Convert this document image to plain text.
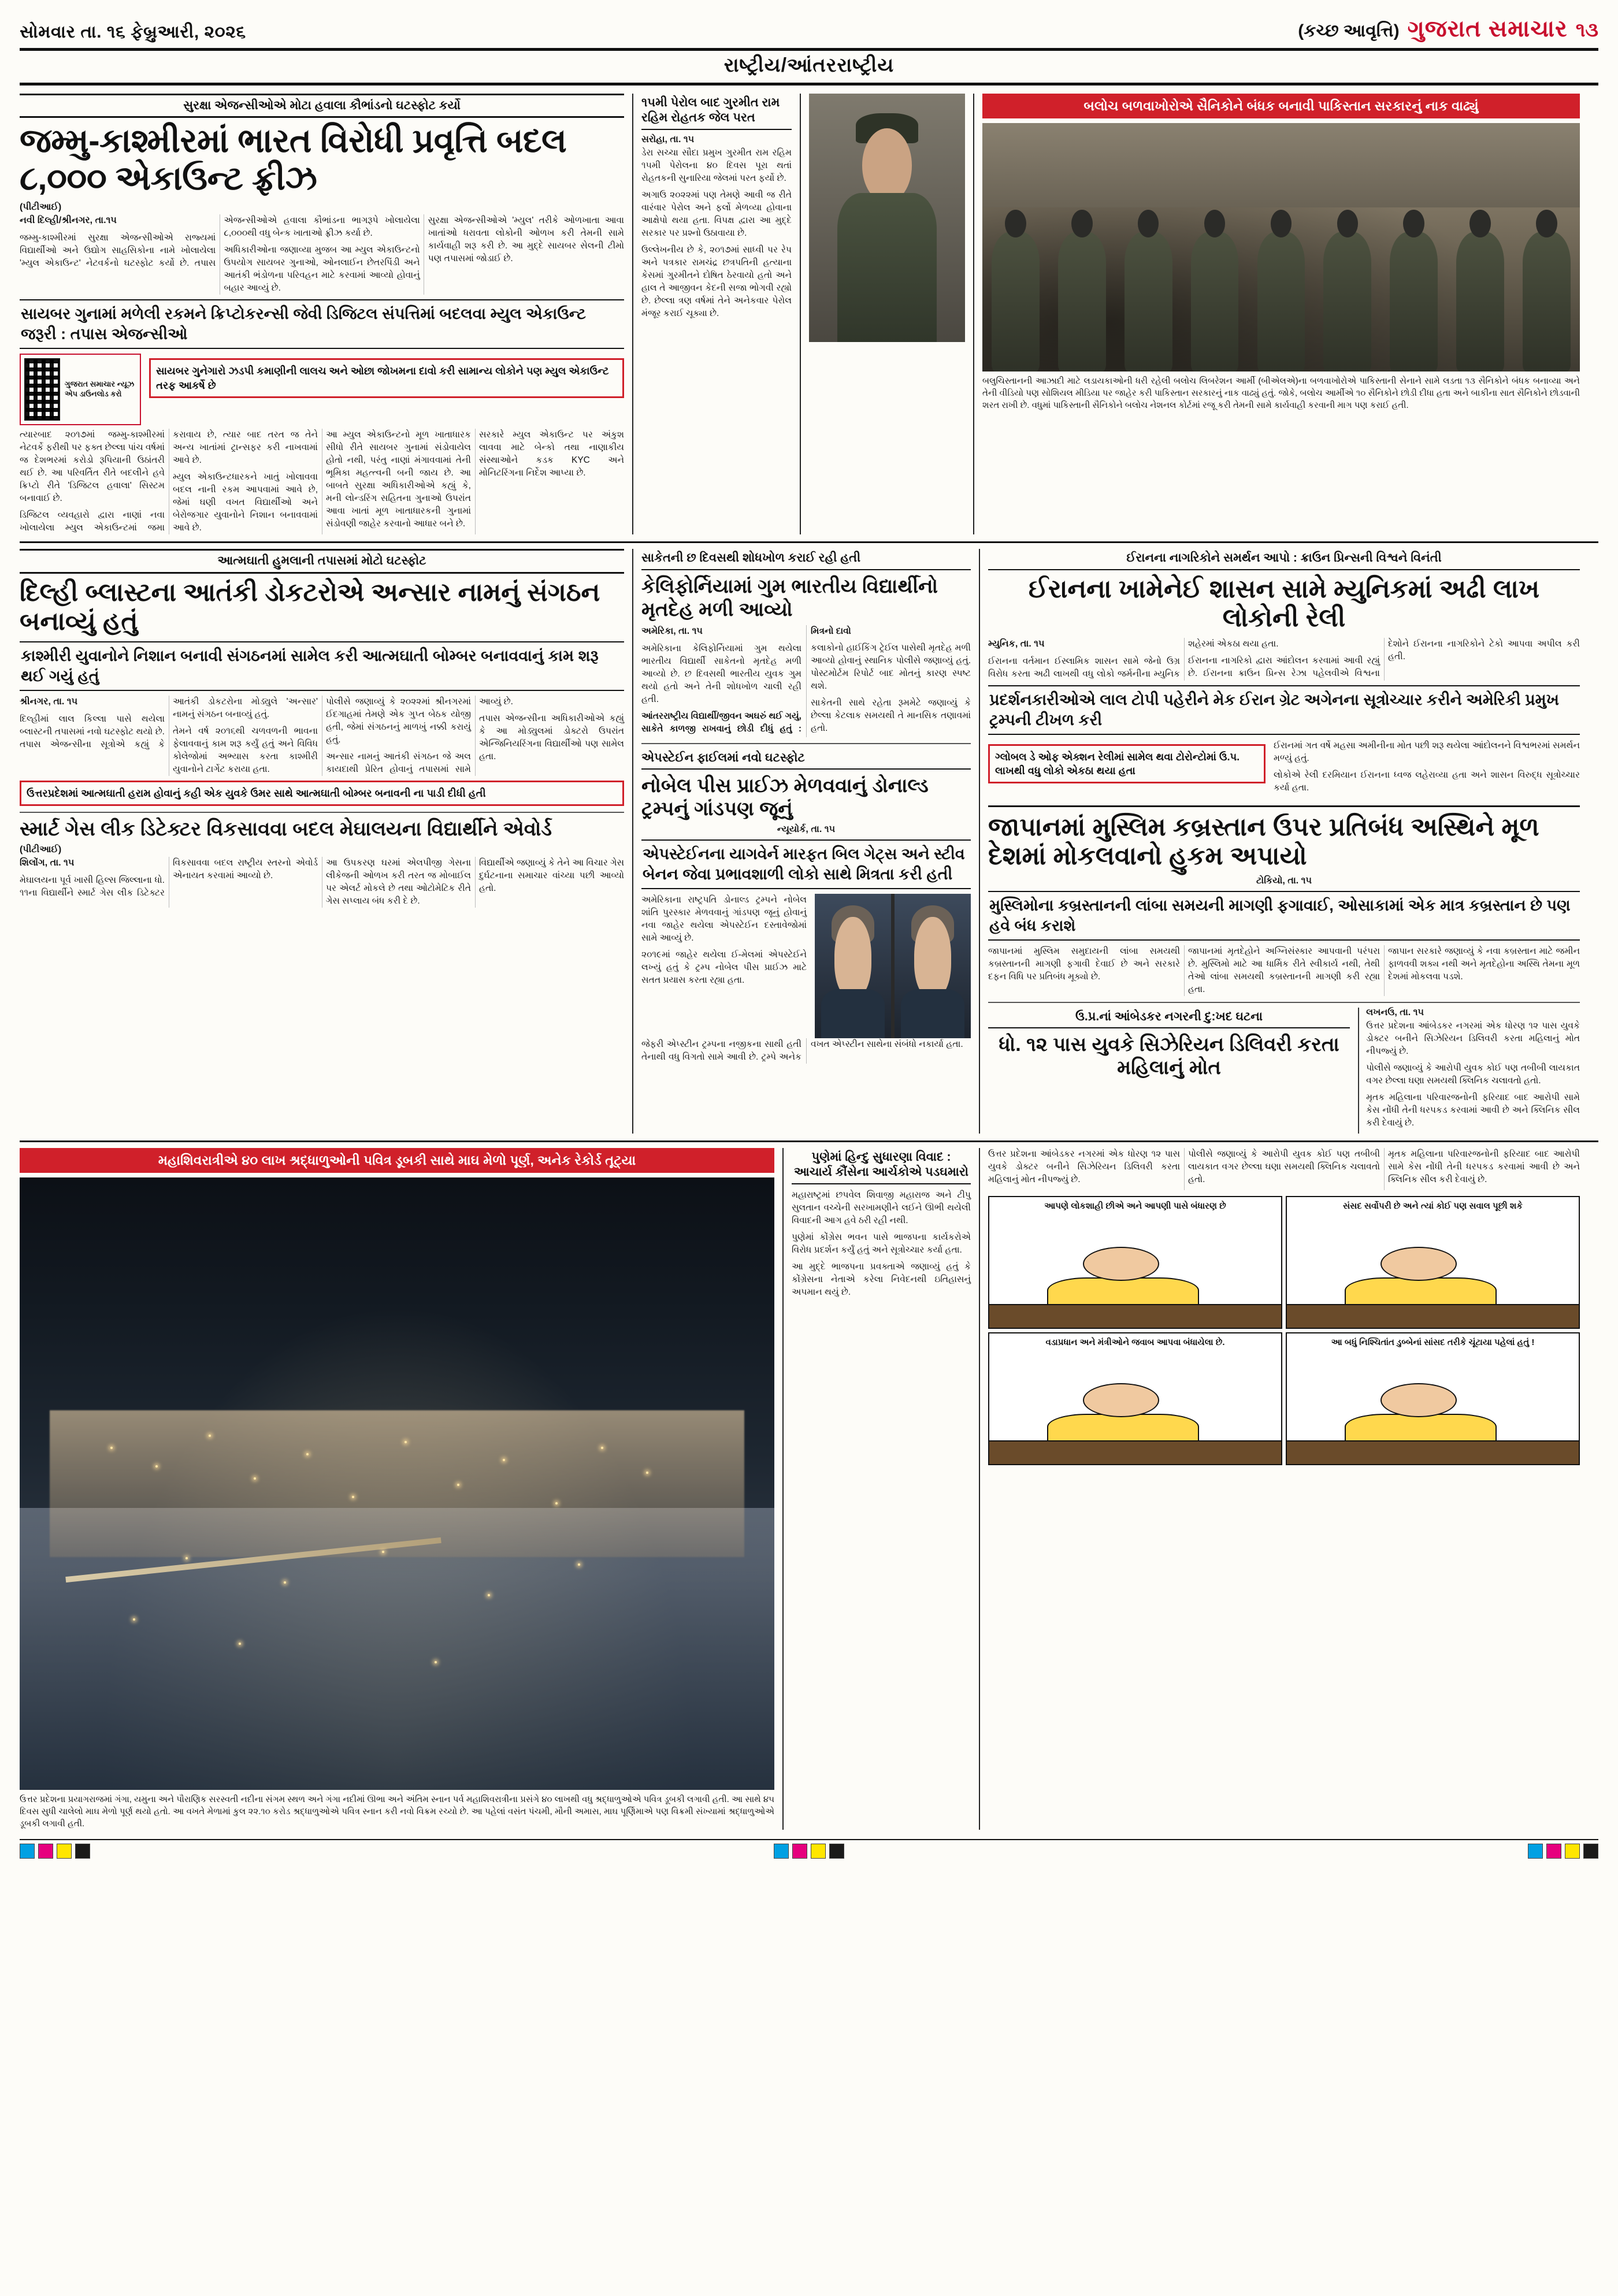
સોમવાર તા. ૧૬ ફેબ્રુઆરી, ૨૦૨૬	(કચ્છ આવૃત્તિ) ગુજરાત સમાચાર ૧૩
રાષ્ટ્રીય/આંતરરાષ્ટ્રીય
સુરક્ષા એજન્સીઓએ મોટા હવાલા કૌભાંડનો ઘટસ્ફોટ કર્યો
જમ્મુ-કાશ્મીરમાં ભારત વિરોધી પ્રવૃત્તિ બદલ ૮,૦૦૦ એકાઉન્ટ ફ્રીઝ
(પીટીઆઈ)

નવી દિલ્હી/શ્રીનગર, તા.૧૫

જમ્મુ-કાશ્મીરમાં સુરક્ષા એજન્સીઓએ રાજ્યમાં વિદ્યાર્થીઓ અને ઉદ્યોગ સાહસિકોના નામે ખોલાયેલા 'મ્યુલ એકાઉન્ટ' નેટવર્કનો ઘટસ્ફોટ કર્યો છે. તપાસ એજન્સીઓએ હવાલા કૌભાંડના ભાગરૂપે ખોલાયેલા ૮,૦૦૦થી વધુ બેન્ક ખાતાઓ ફ્રીઝ કર્યા છે.

અધિકારીઓના જણાવ્યા મુજબ આ મ્યુલ એકાઉન્ટનો ઉપયોગ સાયબર ગુનાઓ, ઓનલાઈન છેતરપિંડી અને આતંકી ભંડોળના પરિવહન માટે કરવામાં આવ્યો હોવાનું બહાર આવ્યું છે.

સુરક્ષા એજન્સીઓએ 'મ્યુલ' તરીકે ઓળખાતા આવા ખાતાંઓ ધરાવતા લોકોની ઓળખ કરી તેમની સામે કાર્યવાહી શરૂ કરી છે. આ મુદ્દે સાયબર સેલની ટીમો પણ તપાસમાં જોડાઈ છે.

સાયબર ગુનામાં મળેલી રકમને ક્રિપ્ટોકરન્સી જેવી ડિજિટલ સંપત્તિમાં બદલવા મ્યુલ એકાઉન્ટ જરૂરી : તપાસ એજન્સીઓ
ગુજરાત સમાચાર ન્યૂઝ એપ ડાઉનલોડ કરો
સાયબર ગુનેગારો ઝડપી કમાણીની લાલચ અને ઓછા જોખમના દાવો કરી સામાન્ય લોકોને પણ મ્યુલ એકાઉન્ટ તરફ આકર્ષે છે

ત્યારબાદ ૨૦૧૭માં જમ્મુ-કાશ્મીરમાં નેટવર્કે ફરીથી પર ફક્ત છેલ્લા પાંચ વર્ષમાં જ દેશભરમાં કરોડો રૂપિયાની ઉઠાંતરી થઈ છે. આ પરિવર્તિત રીતે બદલીને હવે ક્રિપ્ટો રીતે 'ડિજિટલ હવાલા' સિસ્ટમ બનાવાઈ છે.

ડિજિટલ વ્યવહારો દ્વારા નાણાં નવા ખોલાયેલા મ્યુલ એકાઉન્ટમાં જમા કરાવાય છે, ત્યાર બાદ તરત જ તેને અન્ય ખાતાંમાં ટ્રાન્સફર કરી નાખવામાં આવે છે.

મ્યુલ એકાઉન્ટધારકને ખાતું ખોલાવવા બદલ નાની રકમ આપવામાં આવે છે, જેમાં ઘણી વખત વિદ્યાર્થીઓ અને બેરોજગાર યુવાનોને નિશાન બનાવવામાં આવે છે.

આ મ્યુલ એકાઉન્ટનો મૂળ ખાતાધારક સીધો રીતે સાયબર ગુનામાં સંડોવાયેલ હોતો નથી, પરંતુ નાણાં મંગાવવામાં તેની ભૂમિકા મહત્ત્વની બની જાય છે. આ બાબતે સુરક્ષા અધિકારીઓએ કહ્યું કે, મની લોન્ડરિંગ સહિતના ગુનાઓ ઉપરાંત આવા ખાતાં મૂળ ખાતાધારકની ગુનામાં સંડોવણી જાહેર કરવાનો આધાર બને છે.

સરકારે મ્યુલ એકાઉન્ટ પર અંકુશ લાવવા માટે બેન્કો તથા નાણાકીય સંસ્થાઓને કડક KYC અને મોનિટરિંગના નિર્દેશ આપ્યા છે.

૧૫મી પેરોલ બાદ ગુરમીત રામ રહિમ રોહતક જેલ પરત
સરોહા, તા. ૧૫

ડેરા સચ્ચા સૌદા પ્રમુખ ગુરમીત રામ રહિમ ૧૫મી પેરોલના ૪૦ દિવસ પૂરા થતાં રોહતકની સુનારિયા જેલમાં પરત ફર્યો છે.

અગાઉ ૨૦૨૨માં પણ તેમણે આવી જ રીતે વારંવાર પેરોલ અને ફર્લો મેળવ્યા હોવાના આક્ષેપો થયા હતા. વિપક્ષ દ્વારા આ મુદ્દે સરકાર પર પ્રશ્નો ઉઠાવાયા છે.

ઉલ્લેખનીય છે કે, ૨૦૧૭માં સાધ્વી પર રેપ અને પત્રકાર રામચંદ્ર છત્રપતિની હત્યાના કેસમાં ગુરમીતને દોષિત ઠેરવાયો હતો અને હાલ તે આજીવન કેદની સજા ભોગવી રહ્યો છે. છેલ્લા ત્રણ વર્ષમાં તેને અનેકવાર પેરોલ મંજૂર કરાઈ ચૂક્યા છે.

બલોચ બળવાખોરોએ સૈનિકોને બંધક બનાવી પાકિસ્તાન સરકારનું નાક વાઢ્યું
બલુચિસ્તાનની આઝાદી માટે લડાયકાઓની ધરી રહેલી બલોચ લિબરેશન આર્મી (બીએલએ)ના બળવાખોરોએ પાકિસ્તાની સેનાને સામે લડતા ૧૩ સૈનિકોને બંધક બનાવ્યા અને તેની વીડિયો પણ સોશિયલ મીડિયા પર જાહેર કરી પાકિસ્તાન સરકારનું નાક વાઢ્યું હતું. જોકે, બલોચ આર્મીએ ૧૦ સૈનિકોને છોડી દીધા હતા અને બાકીના સાત સૈનિકોને છોડવાની શરત રાખી છે. વધુમાં પાકિસ્તાની સૈનિકોને બલોચ નેશનલ કોર્ટમાં રજૂ કરી તેમની સામે કાર્યવાહી કરવાની માગ પણ કરાઈ હતી.
આત્મઘાતી હુમલાની તપાસમાં મોટો ઘટસ્ફોટ
દિલ્હી બ્લાસ્ટના આતંકી ડોકટરોએ અન્સાર નામનું સંગઠન બનાવ્યું હતું
કાશ્મીરી યુવાનોને નિશાન બનાવી સંગઠનમાં સામેલ કરી આત્મઘાતી બોમ્બર બનાવવાનું કામ શરૂ થઈ ગયું હતું

શ્રીનગર, તા. ૧૫

દિલ્હીમાં લાલ કિલ્લા પાસે થયેલા બ્લાસ્ટની તપાસમાં નવો ઘટસ્ફોટ થયો છે. તપાસ એજન્સીના સૂત્રોએ કહ્યું કે આતંકી ડોકટરોના મોડ્યુલે 'અન્સાર' નામનું સંગઠન બનાવ્યું હતું.

તેમને વર્ષ ૨૦૧૬થી ચળવળની ભાવના ફેલાવવાનું કામ શરૂ કર્યું હતું અને વિવિધ કોલેજોમાં અભ્યાસ કરતા કાશ્મીરી યુવાનોને ટાર્ગેટ કરાયા હતા.

પોલીસે જણાવ્યું કે ૨૦૨૨માં શ્રીનગરમાં ઈદગાહમાં તેમણે એક ગુપ્ત બેઠક યોજી હતી, જેમાં સંગઠનનું માળખું નક્કી કરાયું હતું.

અન્સાર નામનું આતંકી સંગઠન જે અલ કાયદાથી પ્રેરિત હોવાનું તપાસમાં સામે આવ્યું છે.

તપાસ એજન્સીના અધિકારીઓએ કહ્યું કે આ મોડ્યુલમાં ડોક્ટરો ઉપરાંત એન્જિનિયરિંગના વિદ્યાર્થીઓ પણ સામેલ હતા.

ઉત્તરપ્રદેશમાં આત્મઘાતી હરામ હોવાનું કહી એક યુવકે ઉમર સાથે આત્મઘાતી બોમ્બર બનાવની ના પાડી દીધી હતી
સ્માર્ટ ગેસ લીક ડિટેક્ટર વિકસાવવા બદલ મેઘાલયના વિદ્યાર્થીને એવોર્ડ
(પીટીઆઈ)

શિલોંગ, તા. ૧૫

મેઘાલયના પૂર્વ ખાસી હિલ્સ જિલ્લાના ધો. ૧૧ના વિદ્યાર્થીને સ્માર્ટ ગેસ લીક ડિટેક્ટર વિકસાવવા બદલ રાષ્ટ્રીય સ્તરનો એવોર્ડ એનાયત કરવામાં આવ્યો છે.

આ ઉપકરણ ઘરમાં એલપીજી ગેસના લીકેજની ઓળખ કરી તરત જ મોબાઈલ પર એલર્ટ મોકલે છે તથા ઓટોમેટિક રીતે ગેસ સપ્લાય બંધ કરી દે છે.

વિદ્યાર્થીએ જણાવ્યું કે તેને આ વિચાર ગેસ દુર્ઘટનાના સમાચાર વાંચ્યા પછી આવ્યો હતો.

સાકેતની છ દિવસથી શોધખોળ કરાઈ રહી હતી
કેલિફોર્નિયામાં ગુમ ભારતીય વિદ્યાર્થીનો મૃતદેહ મળી આવ્યો

અમેરિકા, તા. ૧૫

અમેરિકાના કેલિફોર્નિયામાં ગુમ થયેલા ભારતીય વિદ્યાર્થી સાકેતનો મૃતદેહ મળી આવ્યો છે. છ દિવસથી ભારતીય યુવક ગુમ થયો હતો અને તેની શોધખોળ ચાલી રહી હતી.

આંતરરાષ્ટ્રીય વિદ્યાર્થી/જીવન અઘરું થઈ ગયું, સાકેતે કાળજી રાખવાનું છોડી દીધું હતું : મિત્રનો દાવો

કલાકોનો હાઈકિંગ ટ્રેઈલ પાસેથી મૃતદેહ મળી આવ્યો હોવાનું સ્થાનિક પોલીસે જણાવ્યું હતું. પોસ્ટમોર્ટમ રિપોર્ટ બાદ મોતનું કારણ સ્પષ્ટ થશે.

સાકેતની સાથે રહેતા રૂમમેટે જણાવ્યું કે છેલ્લા કેટલાક સમયથી તે માનસિક તણાવમાં હતો.

એપસ્ટેઈન ફાઈલમાં નવો ઘટસ્ફોટ
નોબેલ પીસ પ્રાઈઝ મેળવવાનું ડોનાલ્ડ ટ્રમ્પનું ગાંડપણ જૂનું
ન્યૂયોર્ક, તા. ૧૫
એપસ્ટેઈનના યાગવેર્ન મારફત બિલ ગેટ્સ અને સ્ટીવ બેનન જેવા પ્રભાવશાળી લોકો સાથે મિત્રતા કરી હતી

અમેરિકાના રાષ્ટ્રપતિ ડોનાલ્ડ ટ્રમ્પને નોબેલ શાંતિ પુરસ્કાર મેળવવાનું ગાંડપણ જૂનું હોવાનું નવા જાહેર થયેલા એપસ્ટેઈન દસ્તાવેજોમાં સામે આવ્યું છે.

૨૦૧૯માં જાહેર થયેલા ઈ-મેલમાં એપસ્ટેઈને લખ્યું હતું કે ટ્રમ્પ નોબેલ પીસ પ્રાઈઝ માટે સતત પ્રયાસ કરતા રહ્યા હતા.

જેફરી એપ્સ્ટીન ટ્રમ્પના નજીકના સાથી હતી તેનાથી વધુ વિગતો સામે આવી છે. ટ્રમ્પે અનેક વખત એપ્સ્ટીન સાથેના સંબંધો નકાર્યા હતા.

ઈરાનના નાગરિકોને સમર્થન આપો : ક્રાઉન પ્રિન્સની વિશ્વને વિનંતી
ઈરાનના ખામેનેઈ શાસન સામે મ્યુનિકમાં અઢી લાખ લોકોની રેલી

મ્યુનિક, તા. ૧૫

ઈરાનના વર્તમાન ઈસ્લામિક શાસન સામે જેનો ઉગ્ર વિરોધ કરતા અઢી લાખથી વધુ લોકો જર્મનીના મ્યુનિક શહેરમાં એકઠા થયા હતા.

ઈરાનના નાગરિકો દ્વારા આંદોલન કરવામાં આવી રહ્યું છે. ઈરાનના ક્રાઉન પ્રિન્સ રેઝા પહેલવીએ વિશ્વના દેશોને ઈરાનના નાગરિકોને ટેકો આપવા અપીલ કરી હતી.

પ્રદર્શનકારીઓએ લાલ ટોપી પહેરીને મેક ઈરાન ગ્રેટ અગેનના સૂત્રોચ્ચાર કરીને અમેરિકી પ્રમુખ ટ્રમ્પની ટીખળ કરી
ગ્લોબલ ડે ઓફ એક્શન રેલીમાં સામેલ થવા ટોરોન્ટોમાં ઉ.પ. લાખથી વધુ લોકો એકઠા થયા હતા

ઈરાનમાં ગત વર્ષે મહસા અમીનીના મોત પછી શરૂ થયેલા આંદોલનને વિશ્વભરમાં સમર્થન મળ્યું હતું.

લોકોએ રેલી દરમિયાન ઈરાનના ધ્વજ લહેરાવ્યા હતા અને શાસન વિરુદ્ધ સૂત્રોચ્ચાર કર્યા હતા.

જાપાનમાં મુસ્લિમ કબ્રસ્તાન ઉપર પ્રતિબંધ અસ્થિને મૂળ દેશમાં મોકલવાનો હુકમ અપાયો
ટોકિયો, તા. ૧૫
મુસ્લિમોના કબ્રસ્તાનની લાંબા સમયની માગણી ફગાવાઈ, ઓસાકામાં એક માત્ર કબ્રસ્તાન છે પણ હવે બંધ કરાશે

જાપાનમાં મુસ્લિમ સમુદાયની લાંબા સમયથી કબ્રસ્તાનની માગણી ફગાવી દેવાઈ છે અને સરકારે દફન વિધિ પર પ્રતિબંધ મૂક્યો છે.

જાપાનમાં મૃતદેહોને અગ્નિસંસ્કાર આપવાની પરંપરા છે. મુસ્લિમો માટે આ ધાર્મિક રીતે સ્વીકાર્ય નથી, તેથી તેઓ લાંબા સમયથી કબ્રસ્તાનની માગણી કરી રહ્યા હતા.

જાપાન સરકારે જણાવ્યું કે નવા કબ્રસ્તાન માટે જમીન ફાળવવી શક્ય નથી અને મૃતદેહોના અસ્થિ તેમના મૂળ દેશમાં મોકલવા પડશે.

ઉ.પ્ર.નાં આંબેડકર નગરની દુ:ખદ ઘટના
ધો. ૧૨ પાસ યુવકે સિઝેરિયન ડિલિવરી કરતા મહિલાનું મોત
લખનઉ, તા. ૧૫

ઉત્તર પ્રદેશના આંબેડકર નગરમાં એક ધોરણ ૧૨ પાસ યુવકે ડોક્ટર બનીને સિઝેરિયન ડિલિવરી કરતા મહિલાનું મોત નીપજ્યું છે.

પોલીસે જણાવ્યું કે આરોપી યુવક કોઈ પણ તબીબી લાયકાત વગર છેલ્લા ઘણા સમયથી ક્લિનિક ચલાવતો હતો.

મૃતક મહિલાના પરિવારજનોની ફરિયાદ બાદ આરોપી સામે કેસ નોંધી તેની ધરપકડ કરવામાં આવી છે અને ક્લિનિક સીલ કરી દેવાયું છે.

મહાશિવરાત્રીએ ૪૦ લાખ શ્રદ્ધાળુઓની પવિત્ર ડૂબકી સાથે માઘ મેળો પૂર્ણ, અનેક રેકોર્ડ તૂટ્યા
ઉત્તર પ્રદેશના પ્રયાગરાજમાં ગંગા, યમુના અને પૌરાણિક સરસ્વતી નદીના સંગમ સ્થળ અને ગંગા નદીમાં ઊભા અને અંતિમ સ્નાન પર્વ મહાશિવરાત્રીના પ્રસંગે ૪૦ લાખથી વધુ શ્રદ્ધાળુઓએ પવિત્ર ડૂબકી લગાવી હતી. આ સાથે ૪૫ દિવસ સુધી ચાલેલો માઘ મેળો પૂર્ણ થયો હતો. આ વખતે મેળામાં કુલ ૨૨.૧૦ કરોડ શ્રદ્ધાળુઓએ પવિત્ર સ્નાન કરી નવો વિક્રમ રચ્યો છે. આ પહેલાં વસંત પંચમી, મૌની અમાસ, માઘ પૂર્ણિમાએ પણ વિક્રમી સંખ્યામાં શ્રદ્ધાળુઓએ ડૂબકી લગાવી હતી.
પુણેમાં હિન્દુ સુધારણા વિવાદ : આચાર્ય કૌંસેના આર્ચકોએ પડઘમારો

મહારાષ્ટ્રમાં છપવેલ શિવાજી મહારાજ અને ટીપુ સુલતાન વચ્ચેની સરખામણીને લઈને ઊભી થયેલી વિવાદની આગ હવે ઠરી રહી નથી.

પુણેમાં કોંગ્રેસ ભવન પાસે ભાજપના કાર્યકરોએ વિરોધ પ્રદર્શન કર્યું હતું અને સૂત્રોચ્ચાર કર્યા હતા.

આ મુદ્દે ભાજપના પ્રવક્તાએ જણાવ્યું હતું કે કોંગ્રેસના નેતાએ કરેલા નિવેદનથી ઇતિહાસનું અપમાન થયું છે.

ઉત્તર પ્રદેશના આંબેડકર નગરમાં એક ધોરણ ૧૨ પાસ યુવકે ડોક્ટર બનીને સિઝેરિયન ડિલિવરી કરતા મહિલાનું મોત નીપજ્યું છે.

પોલીસે જણાવ્યું કે આરોપી યુવક કોઈ પણ તબીબી લાયકાત વગર છેલ્લા ઘણા સમયથી ક્લિનિક ચલાવતો હતો.

મૃતક મહિલાના પરિવારજનોની ફરિયાદ બાદ આરોપી સામે કેસ નોંધી તેની ધરપકડ કરવામાં આવી છે અને ક્લિનિક સીલ કરી દેવાયું છે.

આપણે લોકશાહી છીએ અને આપણી પાસે બંધારણ છે	સંસદ સર્વોપરી છે અને ત્યાં કોઈ પણ સવાલ પૂછી શકે
વડાપ્રધાન અને મંત્રીઓને જવાબ આપવા બંધાયેલા છે.	આ બધું નિશ્ચિતાંત ડુબ્બેનાં સાંસદ તરીકે ચૂંટાયા પહેલાં હતું !
